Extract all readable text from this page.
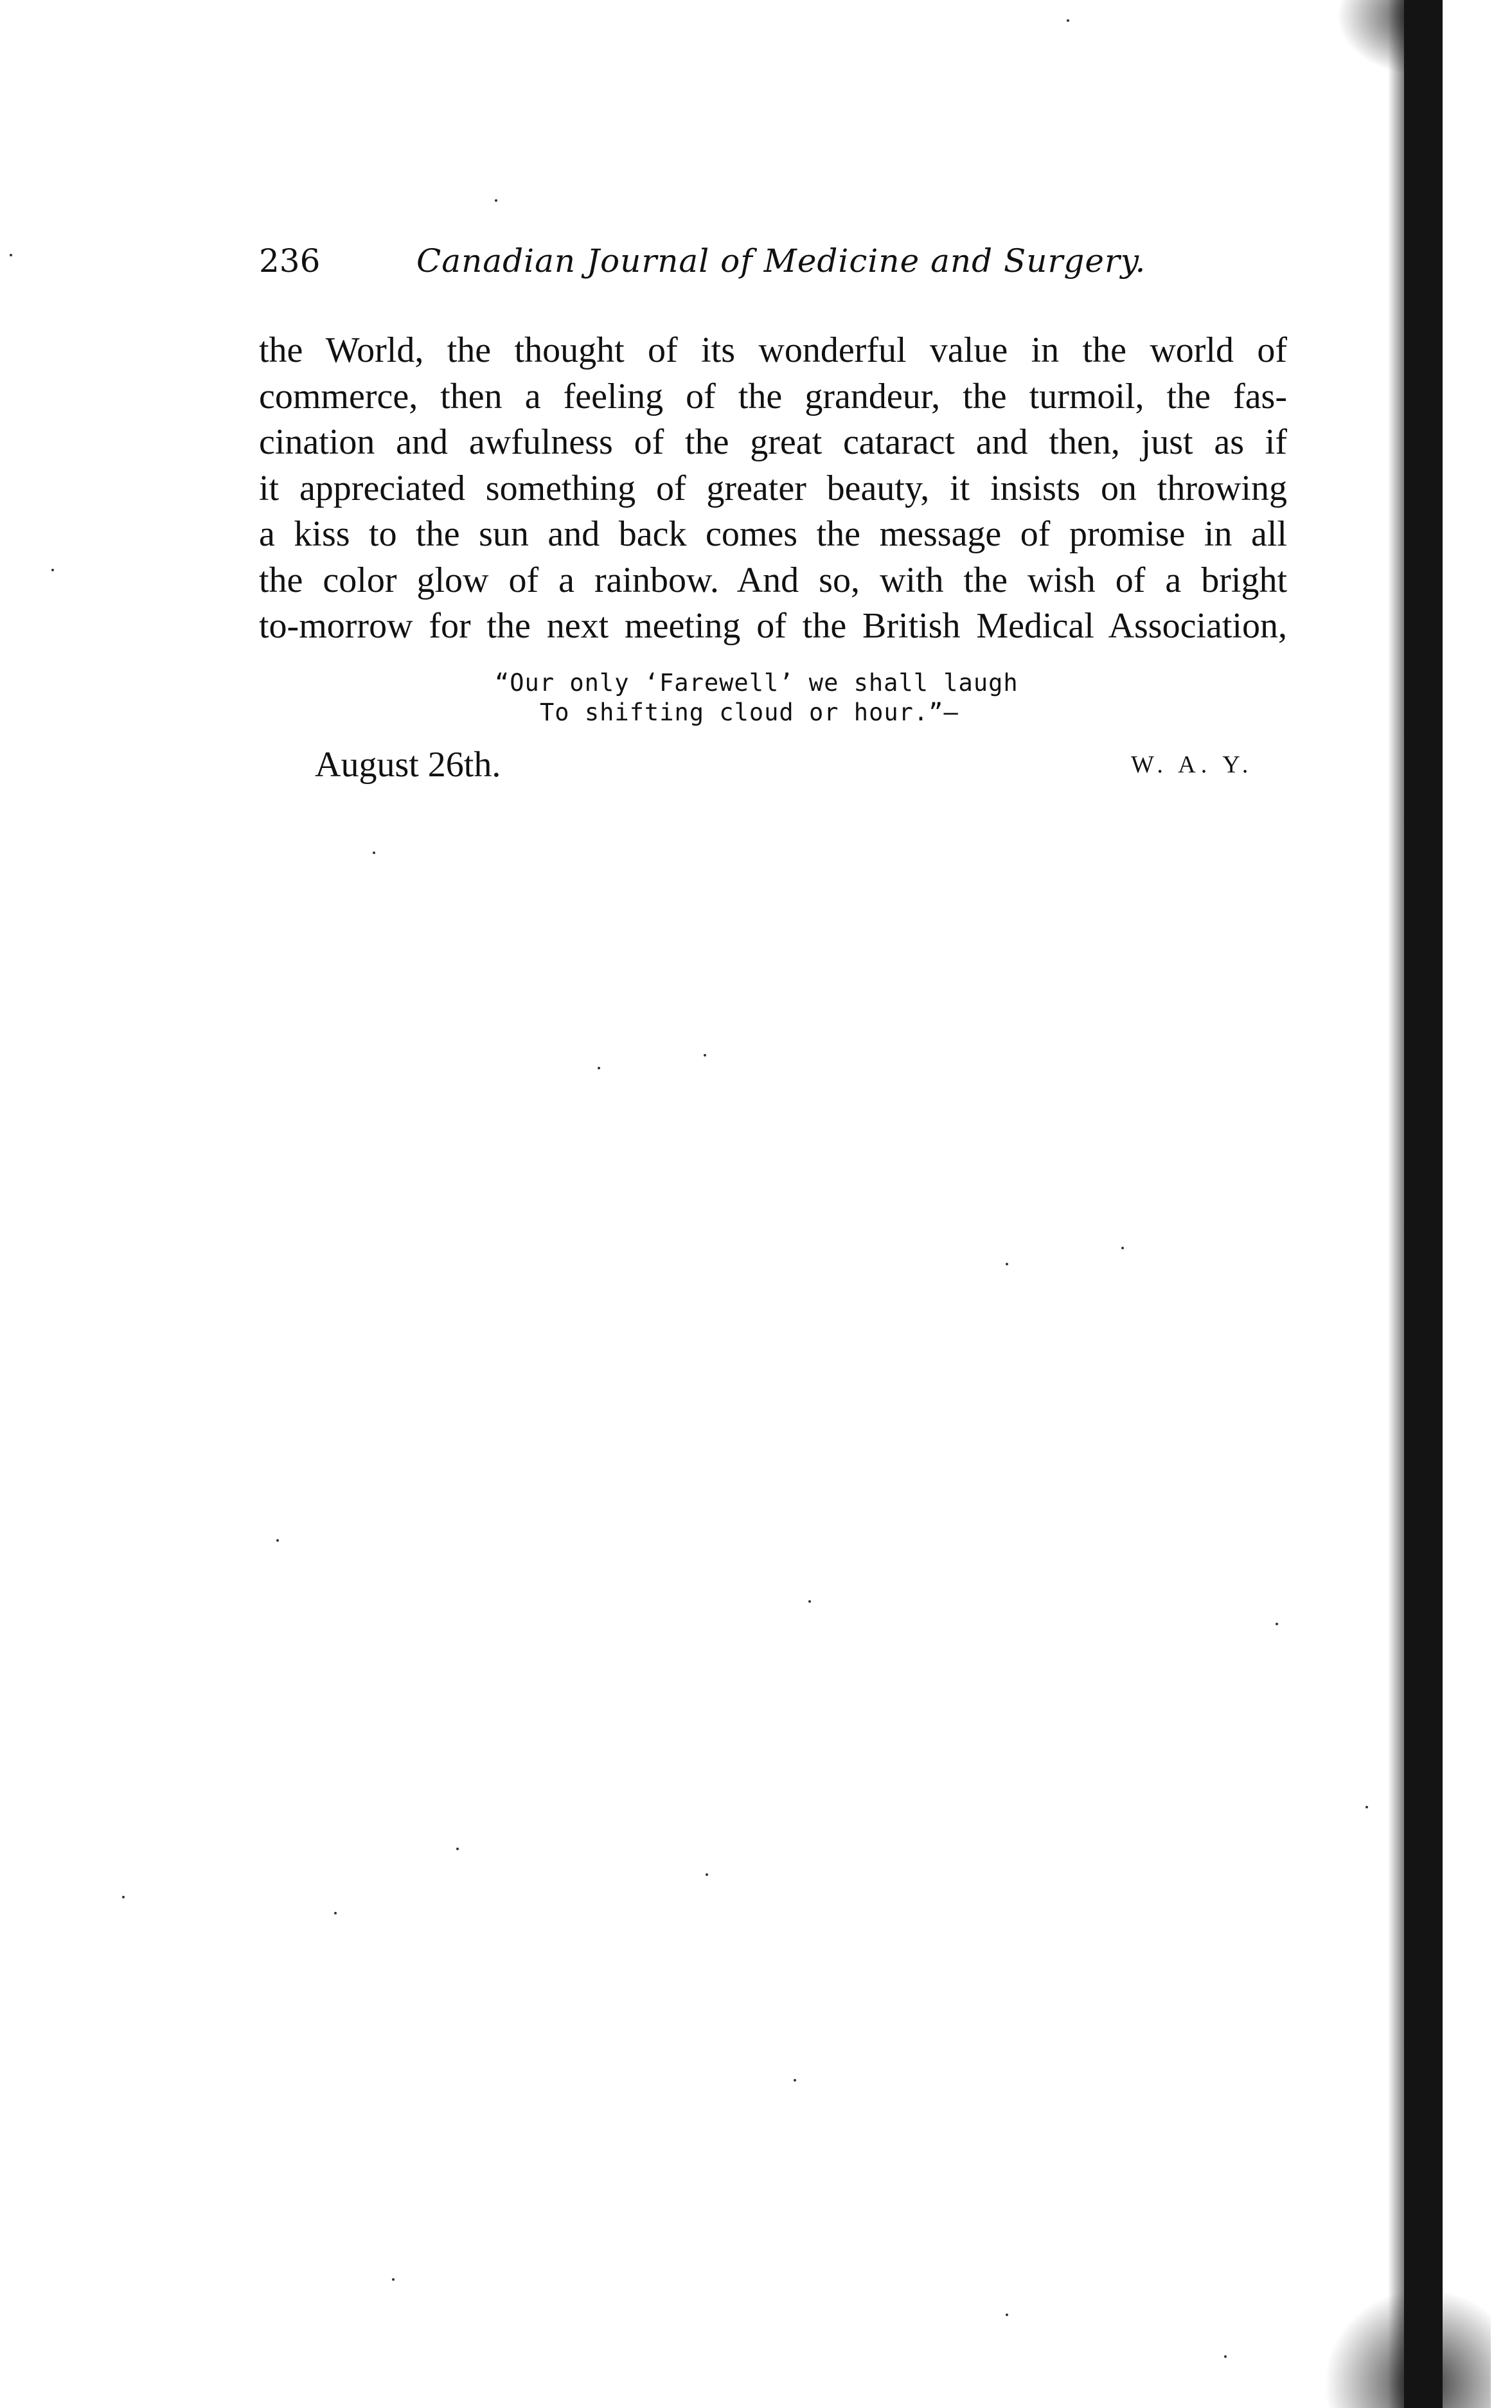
236	Canadian Journal of Medicine and Surgery.
the World, the thought of its wonderful value in the world of
commerce, then a feeling of the grandeur, the turmoil, the fas-
cination and awfulness of the great cataract and then, just as if
it appreciated something of greater beauty, it insists on throwing
a kiss to the sun and back comes the message of promise in all
the color glow of a rainbow. And so, with the wish of a bright
to-morrow for the next meeting of the British Medical Association,
“Our only ‘Farewell’ we shall laugh
To shifting cloud or hour.”—
August 26th.	W. A. Y.
